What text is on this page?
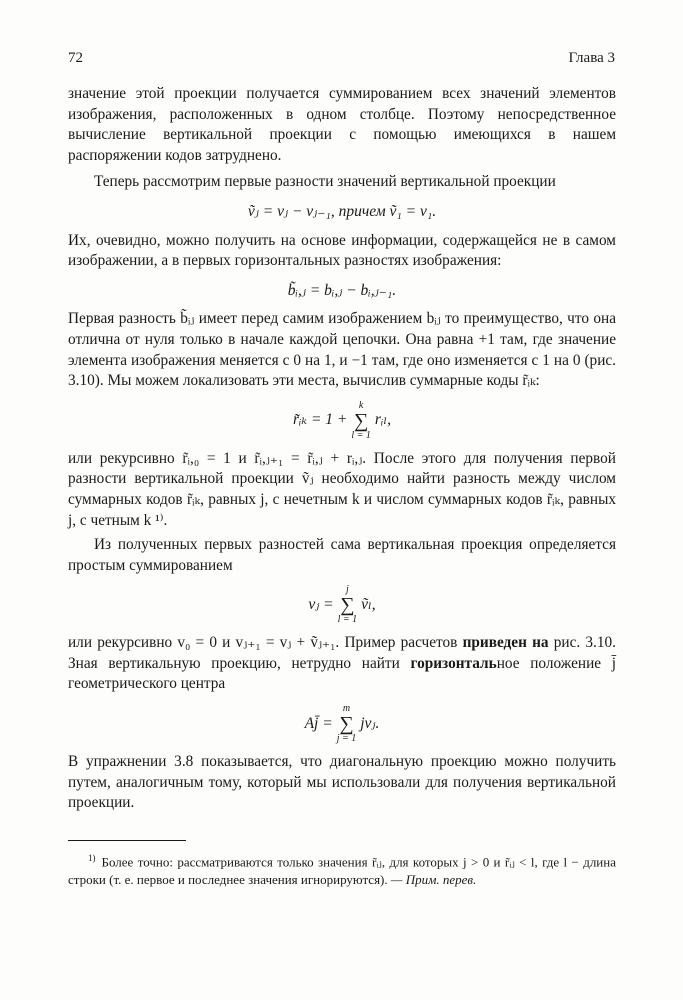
72	Глава 3

значение этой проекции получается суммированием всех значений элементов изображения, расположенных в одном столбце. Поэтому непосредственное вычисление вертикальной проекции с помощью имеющихся в нашем распоряжении кодов затруднено.

Теперь рассмотрим первые разности значений вертикальной проекции

ṽⱼ = vⱼ − vⱼ₋₁, причем ṽ₁ = v₁.

Их, очевидно, можно получить на основе информации, содержащейся не в самом изображении, а в первых горизонтальных разностях изображения:

b̃ᵢ,ⱼ = bᵢ,ⱼ − bᵢ,ⱼ₋₁.

Первая разность b̃ᵢⱼ имеет перед самим изображением bᵢⱼ то преимущество, что она отлична от нуля только в начале каждой цепочки. Она равна +1 там, где значение элемента изображения меняется с 0 на 1, и −1 там, где оно изменяется с 1 на 0 (рис. 3.10). Мы можем локализовать эти места, вычислив суммарные коды r̃ᵢₖ:

r̃ᵢₖ = 1 +
k
∑
l = 1
rᵢₗ,

или рекурсивно r̃ᵢ,₀ = 1 и r̃ᵢ,ⱼ₊₁ = r̃ᵢ,ⱼ + rᵢ,ⱼ. После этого для получения первой разности вертикальной проекции ṽⱼ необходимо найти разность между числом суммарных кодов r̃ᵢₖ, равных j, с нечетным k и числом суммарных кодов r̃ᵢₖ, равных j, с четным k ¹⁾.

Из полученных первых разностей сама вертикальная проекция определяется простым суммированием

vⱼ =
j
∑
l = 1
ṽₗ,

или рекурсивно v₀ = 0 и vⱼ₊₁ = vⱼ + ṽⱼ₊₁. Пример расчетов приведен на рис. 3.10. Зная вертикальную проекцию, нетрудно найти горизонтальное положение j̄ геометрического центра

Aj̄ =
m
∑
j = 1
jvⱼ.

В упражнении 3.8 показывается, что диагональную проекцию можно получить путем, аналогичным тому, который мы использовали для получения вертикальной проекции.

$^{1)}$ Более точно: рассматриваются только значения r̃ᵢⱼ, для которых j > 0 и r̃ᵢⱼ < l, где l − длина строки (т. е. первое и последнее значения игнорируются). — Прим. перев.
